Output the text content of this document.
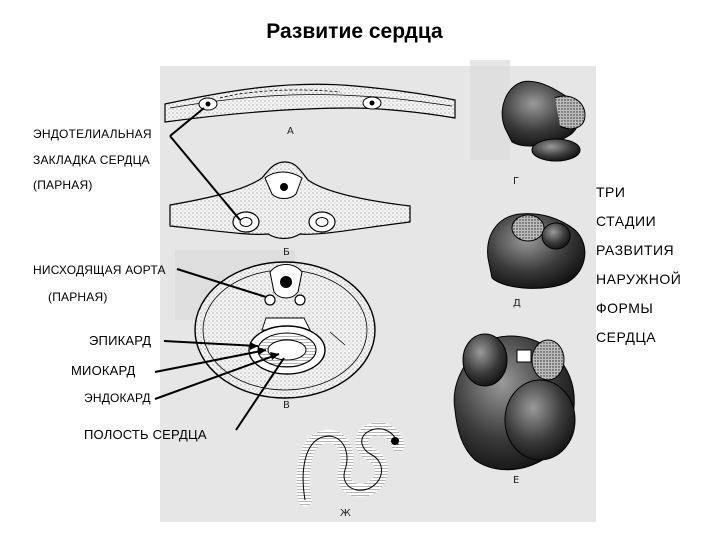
Развитие сердца
А
Б
В
Г
Д
Е
Ж
ЭНДОТЕЛИАЛЬНАЯ
ЗАКЛАДКА СЕРДЦА
(ПАРНАЯ)
НИСХОДЯЩАЯ АОРТА
(ПАРНАЯ)
ЭПИКАРД
МИОКАРД
ЭНДОКАРД
ПОЛОСТЬ СЕРДЦА
ТРИ
СТАДИИ
РАЗВИТИЯ
НАРУЖНОЙ
ФОРМЫ
СЕРДЦА
